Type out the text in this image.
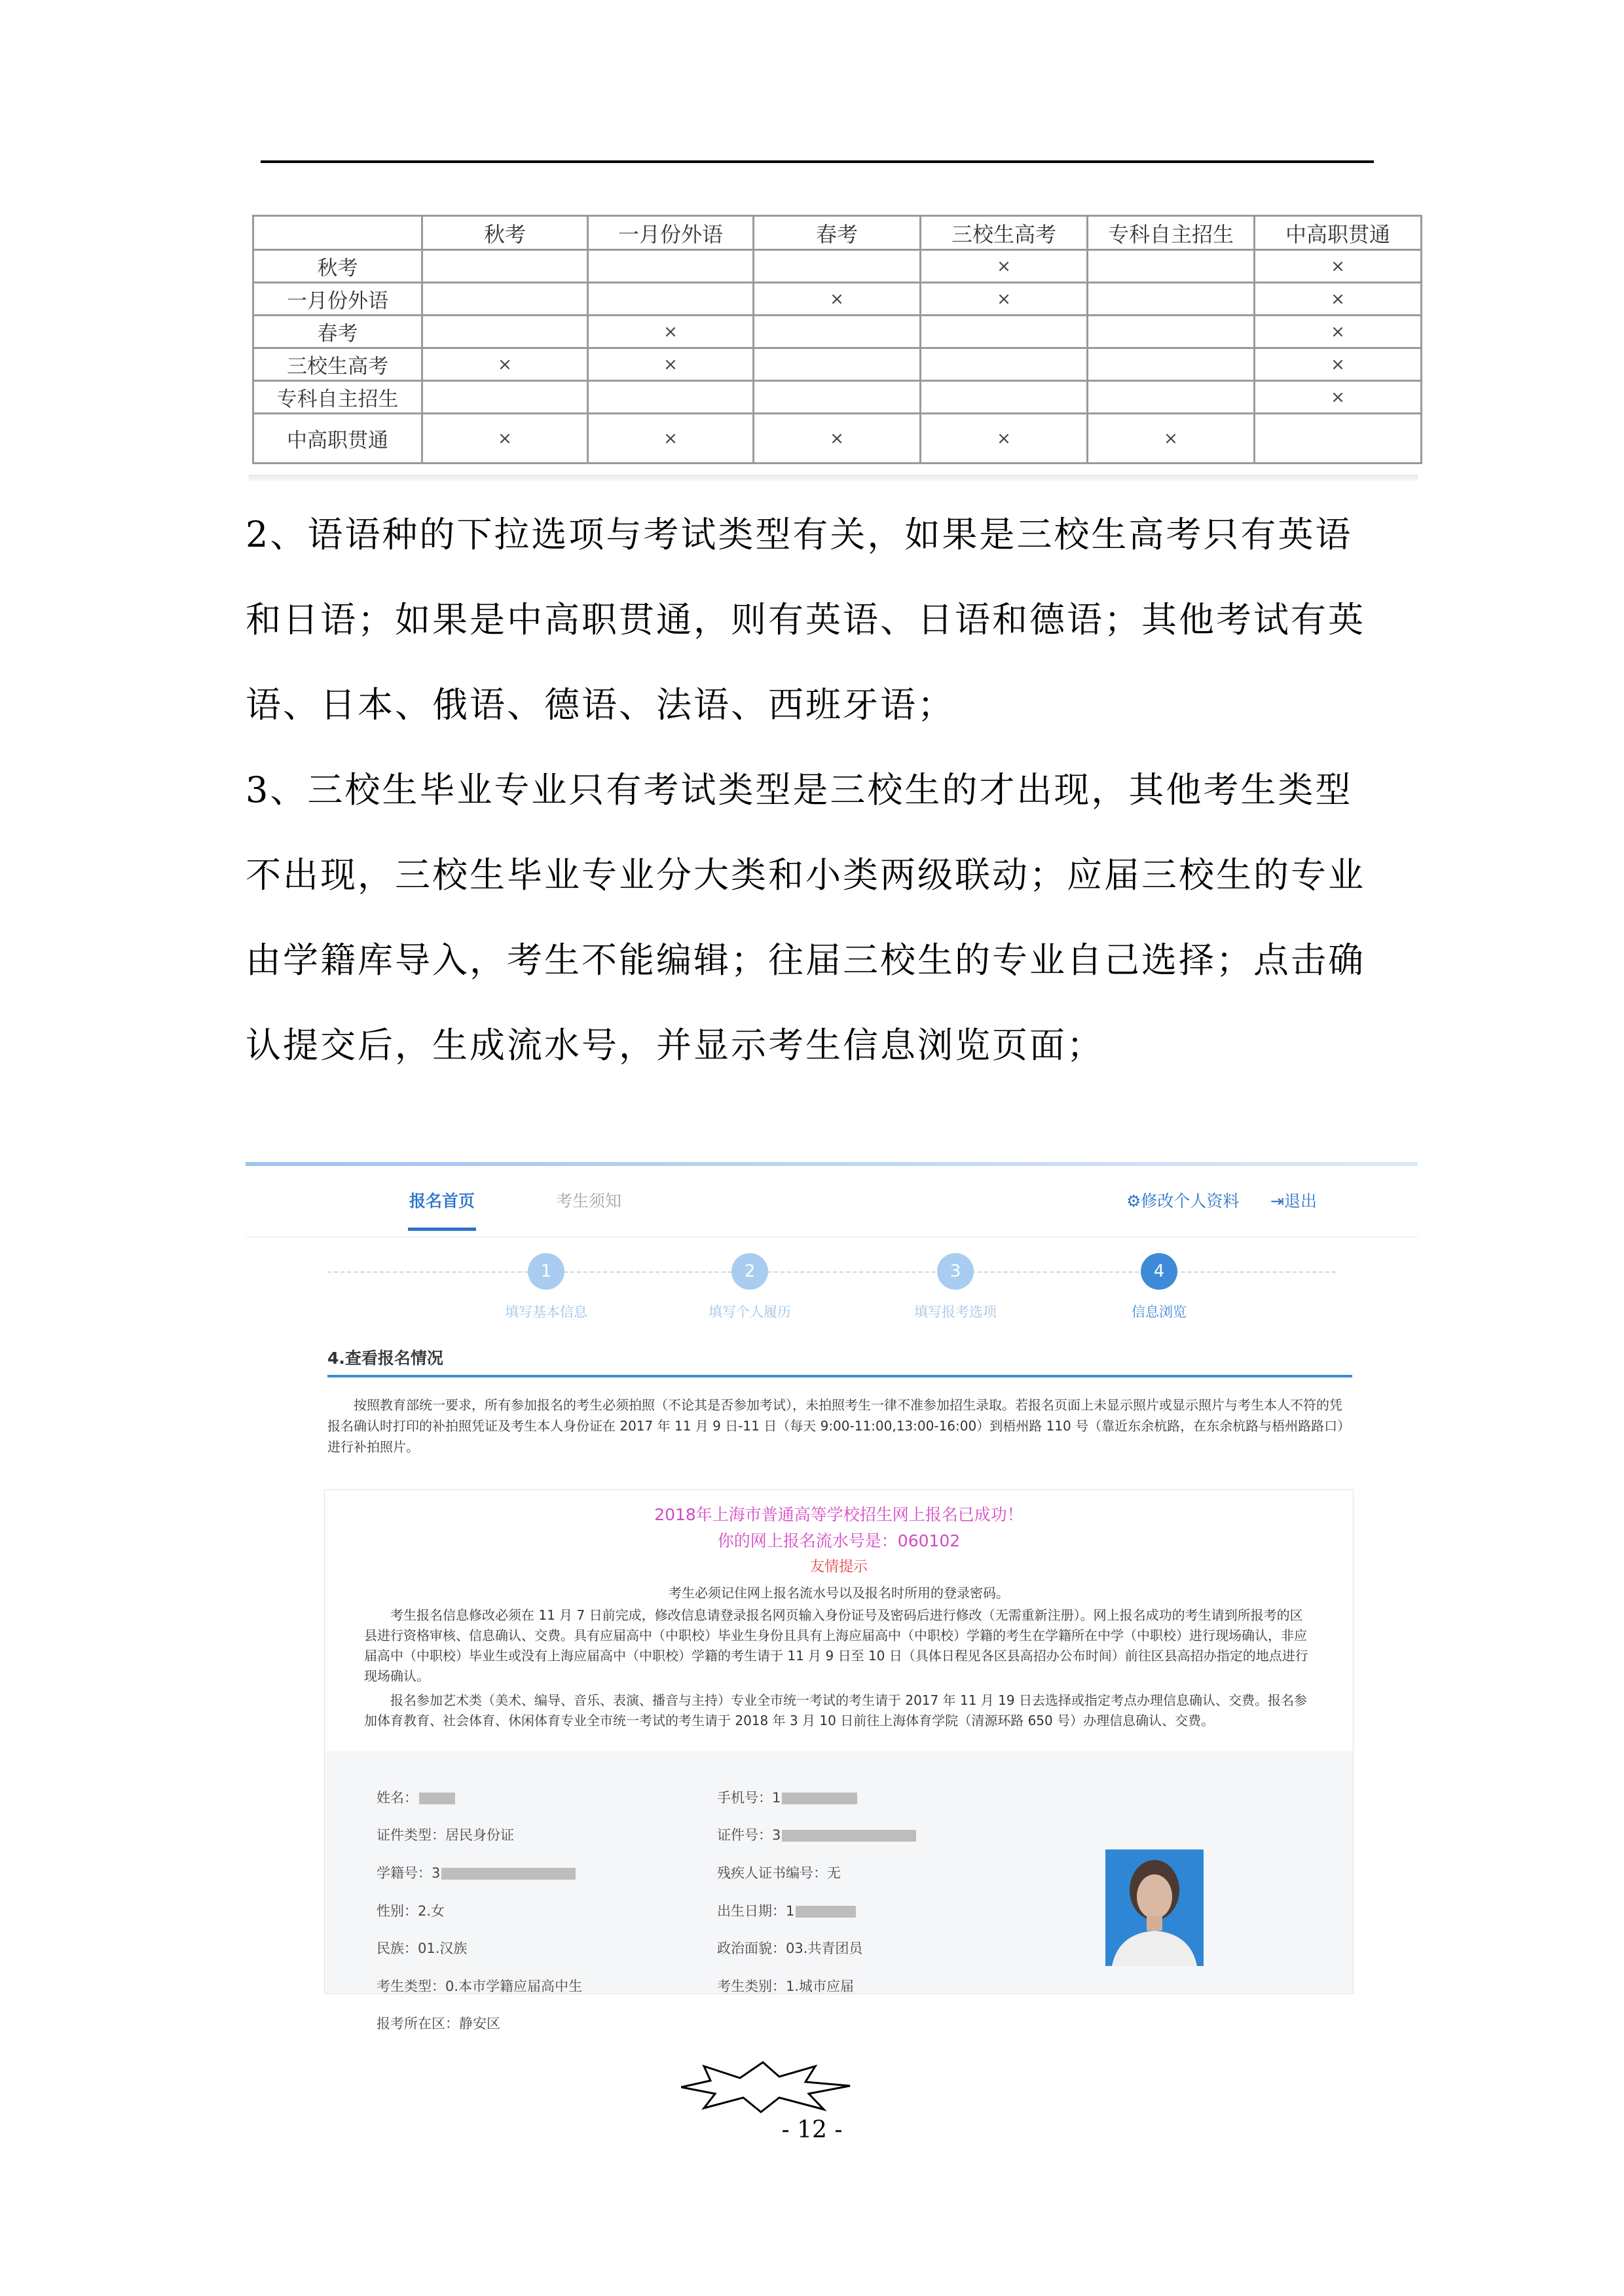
	秋考	一月份外语	春考	三校生高考	专科自主招生	中高职贯通
秋考				×		×
一月份外语			×	×		×
春考		×				×
三校生高考	×	×				×
专科自主招生						×
中高职贯通	×	×	×	×	×	
2、语语种的下拉选项与考试类型有关，如果是三校生高考只有英语
和日语；如果是中高职贯通，则有英语、日语和德语；其他考试有英
语、日本、俄语、德语、法语、西班牙语；
3、三校生毕业专业只有考试类型是三校生的才出现，其他考生类型
不出现，三校生毕业专业分大类和小类两级联动；应届三校生的专业
由学籍库导入，考生不能编辑；往届三校生的专业自己选择；点击确
认提交后，生成流水号，并显示考生信息浏览页面；
报名首页	考生须知	⚙修改个人资料 ⇥退出
1	2	3	4
填写基本信息	填写个人履历	填写报考选项	信息浏览
4.查看报名情况
按照教育部统一要求，所有参加报名的考生必须拍照（不论其是否参加考试），未拍照考生一律不准参加招生录取。若报名页面上未显示照片或显示照片与考生本人不符的凭报名确认时打印的补拍照凭证及考生本人身份证在 2017 年 11 月 9 日-11 日（每天 9:00-11:00,13:00-16:00）到梧州路 110 号（靠近东余杭路，在东余杭路与梧州路路口）进行补拍照片。
2018年上海市普通高等学校招生网上报名已成功！
你的网上报名流水号是：060102
友情提示
考生必须记住网上报名流水号以及报名时所用的登录密码。
考生报名信息修改必须在 11 月 7 日前完成，修改信息请登录报名网页输入身份证号及密码后进行修改（无需重新注册）。网上报名成功的考生请到所报考的区县进行资格审核、信息确认、交费。具有应届高中（中职校）毕业生身份且具有上海应届高中（中职校）学籍的考生在学籍所在中学（中职校）进行现场确认，非应届高中（中职校）毕业生或没有上海应届高中（中职校）学籍的考生请于 11 月 9 日至 10 日（具体日程见各区县高招办公布时间）前往区县高招办指定的地点进行现场确认。
报名参加艺术类（美术、编导、音乐、表演、播音与主持）专业全市统一考试的考生请于 2017 年 11 月 19 日去选择或指定考点办理信息确认、交费。报名参加体育教育、社会体育、休闲体育专业全市统一考试的考生请于 2018 年 3 月 10 日前往上海体育学院（清源环路 650 号）办理信息确认、交费。
姓名：	手机号：1
证件类型：居民身份证	证件号：3
学籍号：3	残疾人证书编号：无
性别：2.女	出生日期：1
民族：01.汉族	政治面貌：03.共青团员
考生类型：0.本市学籍应届高中生	考生类别：1.城市应届
报考所在区：静安区
- 12 -
